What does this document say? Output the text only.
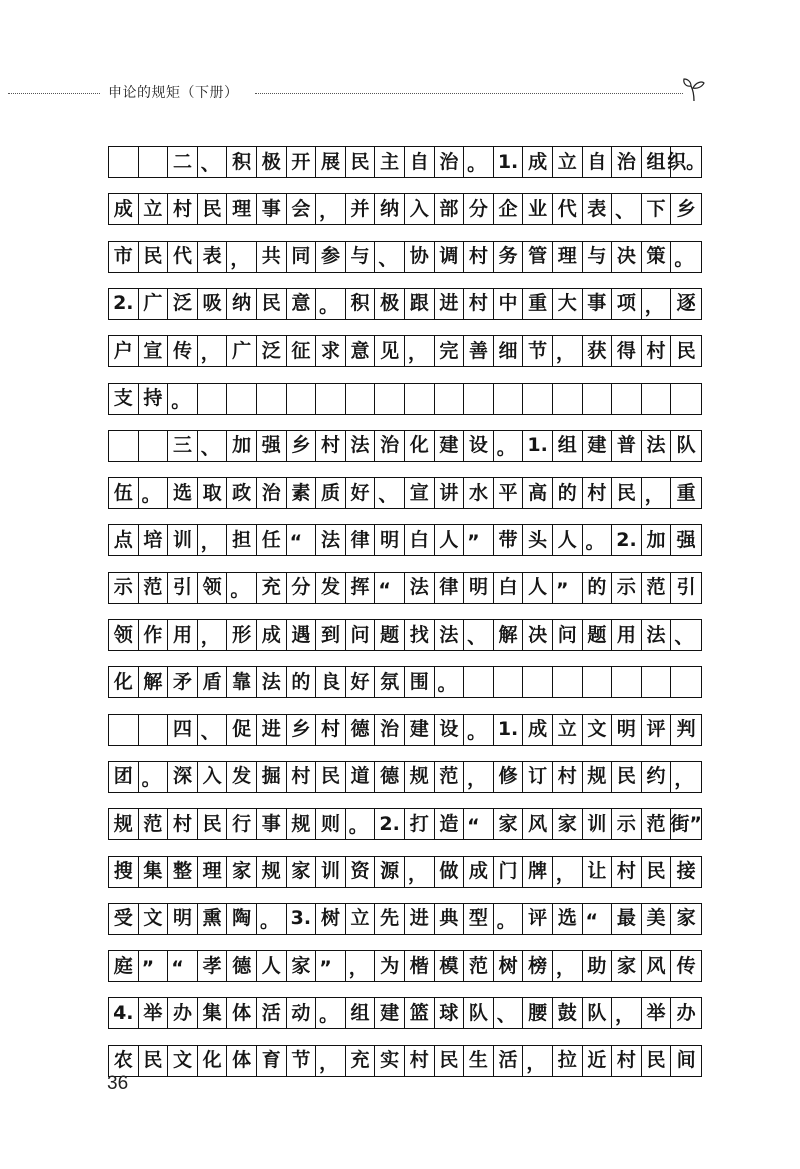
申论的规矩（下册）
二 、 积 极 开 展 民 主 自 治 。 1. 成 立 自 治 组 织。
成 立 村 民 理 事 会 ， 并 纳 入 部 分 企 业 代 表 、 下 乡
市 民 代 表 ， 共 同 参 与 、 协 调 村 务 管 理 与 决 策 。
2. 广 泛 吸 纳 民 意 。 积 极 跟 进 村 中 重 大 事 项 ， 逐
户 宣 传 ， 广 泛 征 求 意 见 ， 完 善 细 节 ， 获 得 村 民
支 持 。
三 、 加 强 乡 村 法 治 化 建 设 。 1. 组 建 普 法 队
伍 。 选 取 政 治 素 质 好 、 宣 讲 水 平 高 的 村 民 ， 重
点 培 训 ， 担 任 “ 法 律 明 白 人 ” 带 头 人 。 2. 加 强
示 范 引 领 。 充 分 发 挥 “ 法 律 明 白 人 ” 的 示 范 引
领 作 用 ， 形 成 遇 到 问 题 找 法 、 解 决 问 题 用 法 、
化 解 矛 盾 靠 法 的 良 好 氛 围 。
四 、 促 进 乡 村 德 治 建 设 。 1. 成 立 文 明 评 判
团 。 深 入 发 掘 村 民 道 德 规 范 ， 修 订 村 规 民 约 ，
规 范 村 民 行 事 规 则 。 2. 打 造 “ 家 风 家 训 示 范 街”
搜 集 整 理 家 规 家 训 资 源 ， 做 成 门 牌 ， 让 村 民 接
受 文 明 熏 陶 。 3. 树 立 先 进 典 型 。 评 选 “ 最 美 家
庭 ” “ 孝 德 人 家 ” ， 为 楷 模 范 树 榜 ， 助 家 风 传
4. 举 办 集 体 活 动 。 组 建 篮 球 队 、 腰 鼓 队 ， 举 办
农 民 文 化 体 育 节 ， 充 实 村 民 生 活 ， 拉 近 村 民 间
36
